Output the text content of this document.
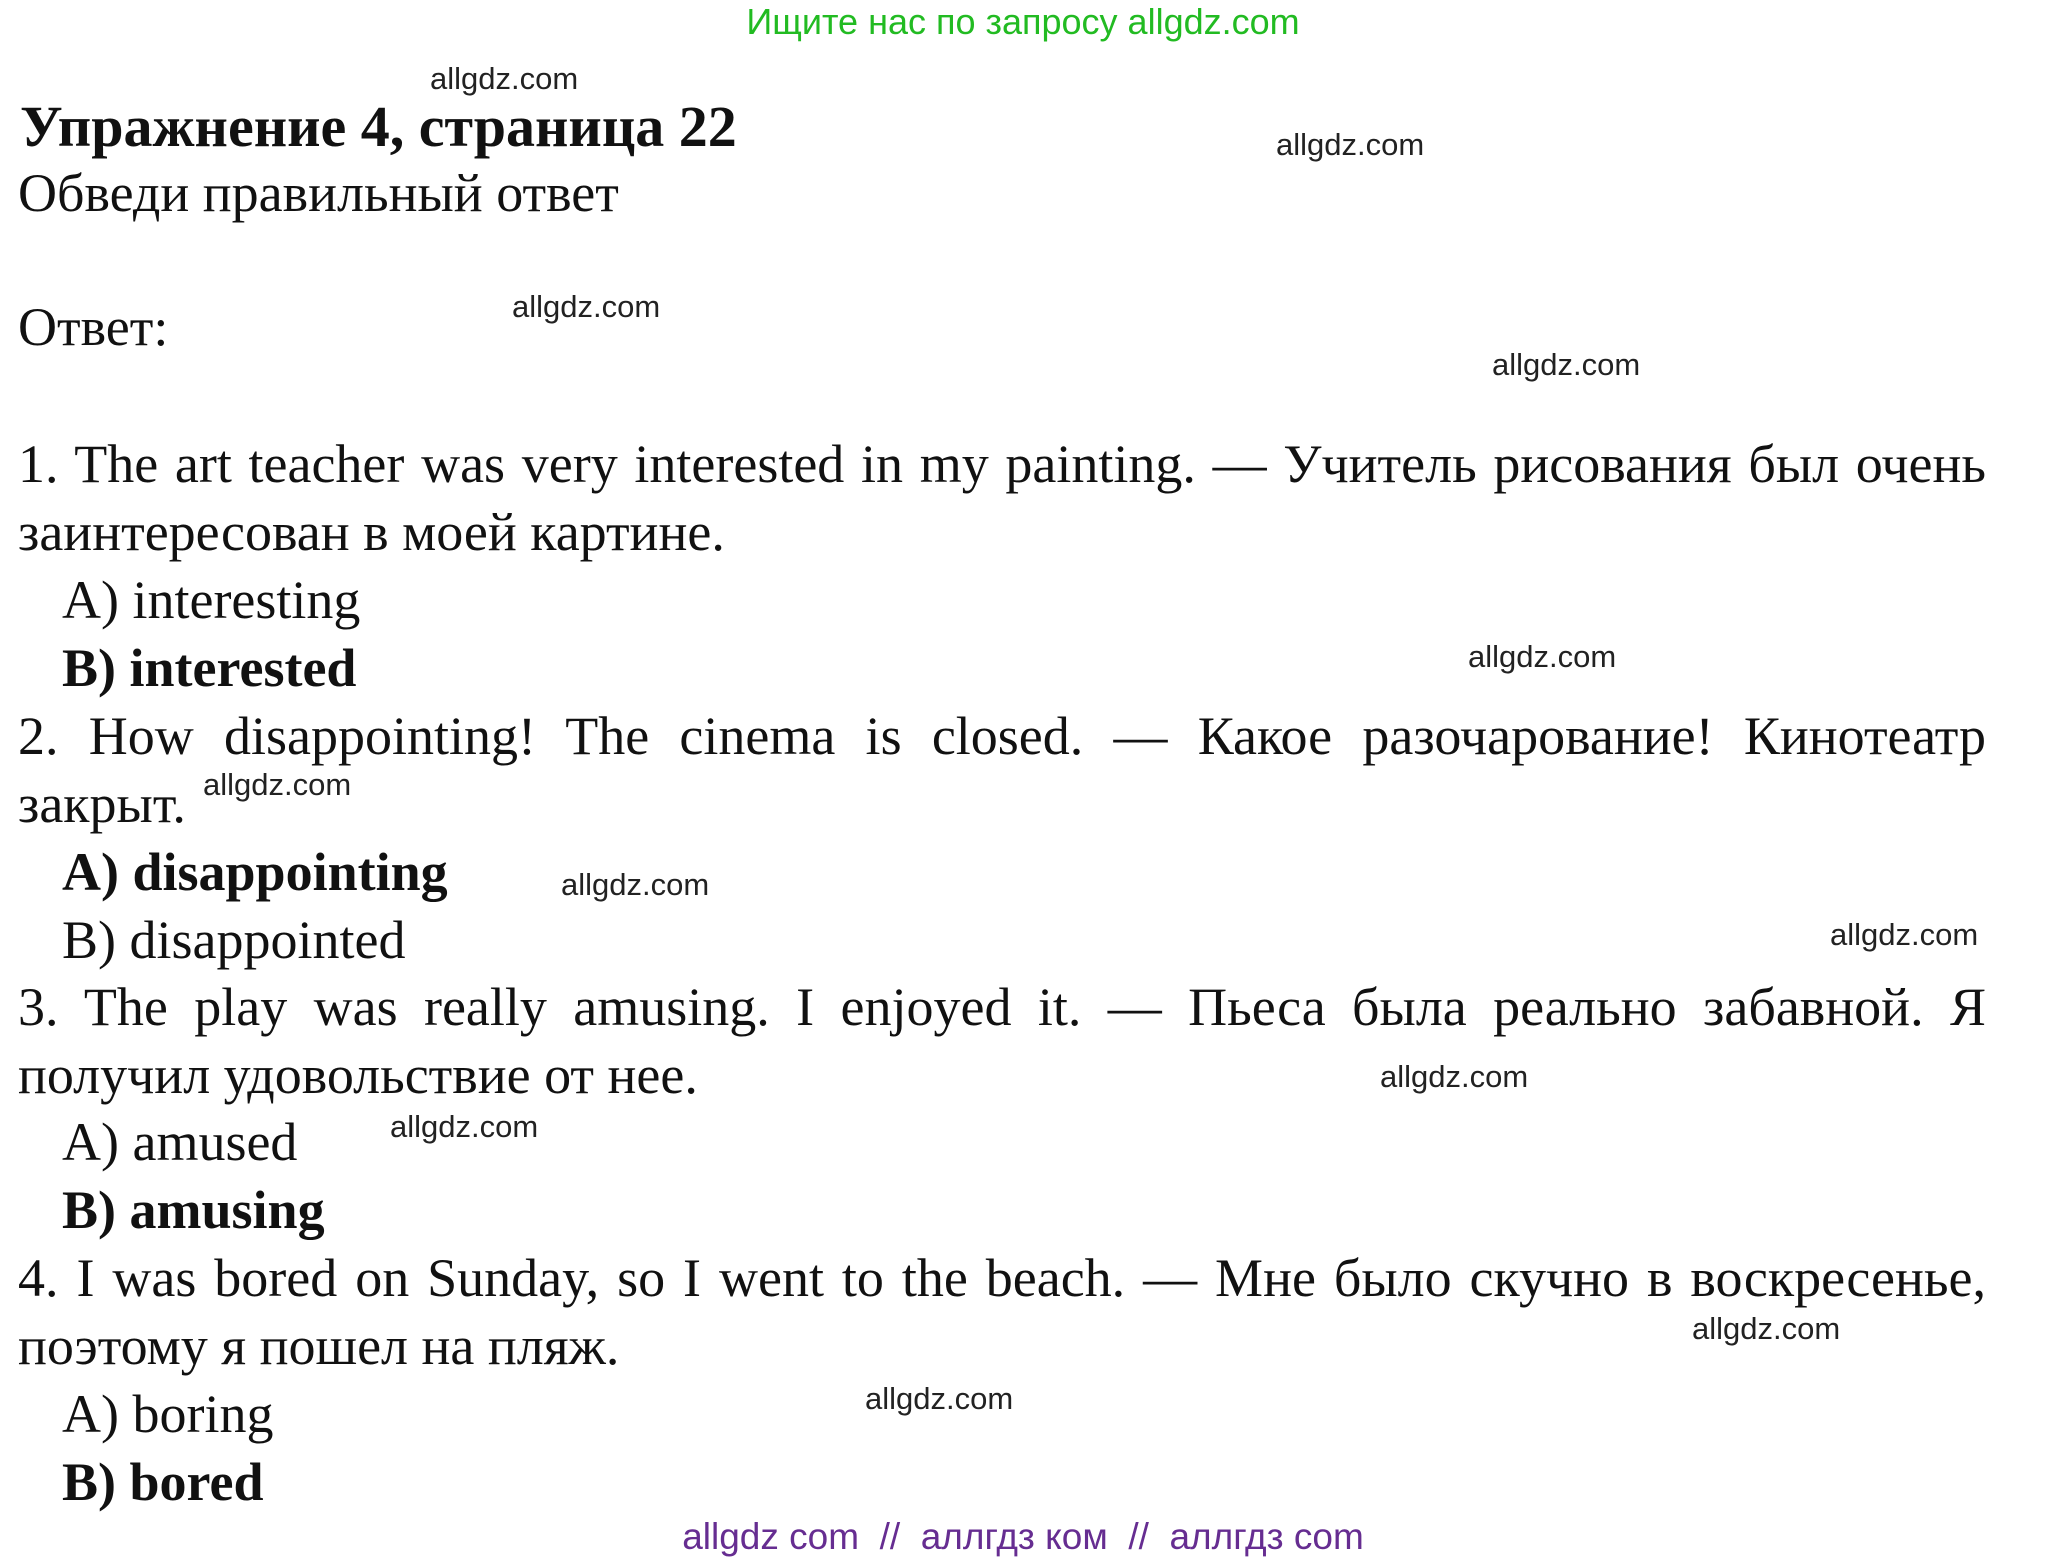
Ищите нас по запросу allgdz.com
Упражнение 4, страница 22
Обведи правильный ответ
Ответ:
1. The art teacher was very interested in my painting. — Учитель рисования был очень заинтересован в моей картине.
A) interesting
B) interested
2. How disappointing! The cinema is closed. — Какое разочарование! Кинотеатр закрыт.
A) disappointing
B) disappointed
3. The play was really amusing. I enjoyed it. — Пьеса была реально забавной. Я получил удовольствие от нее.
A) amused
B) amusing
4. I was bored on Sunday, so I went to the beach. — Мне было скучно в воскресенье, поэтому я пошел на пляж.
A) boring
B) bored
allgdz.com
allgdz.com
allgdz.com
allgdz.com
allgdz.com
allgdz.com
allgdz.com
allgdz.com
allgdz.com
allgdz.com
allgdz.com
allgdz.com
allgdz com  //  аллгдз ком  //  аллгдз com
